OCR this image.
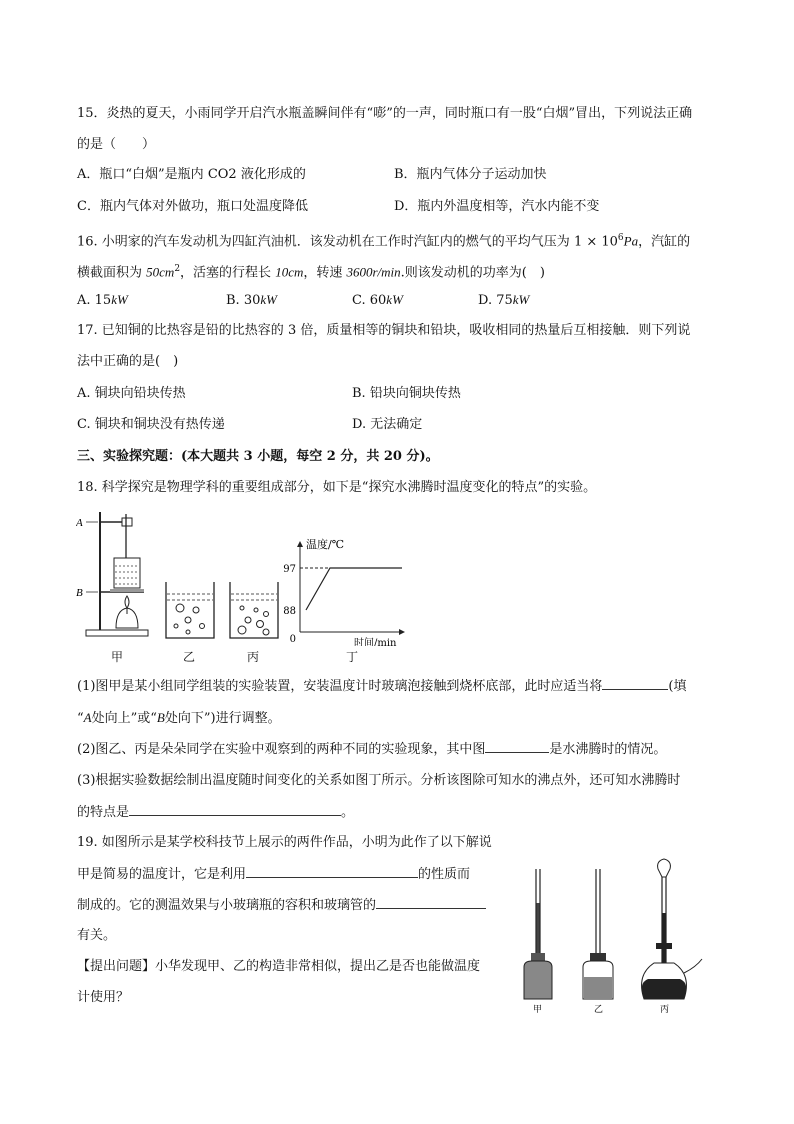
15．炎热的夏天，小雨同学开启汽水瓶盖瞬间伴有“嘭”的一声，同时瓶口有一股“白烟”冒出，下列说法正确
的是（　　）
A．瓶口“白烟”是瓶内 CO2 液化形成的	B．瓶内气体分子运动加快
C．瓶内气体对外做功，瓶口处温度降低	D．瓶内外温度相等，汽水内能不变
16. 小明家的汽车发动机为四缸汽油机．该发动机在工作时汽缸内的燃气的平均气压为 $1 \times 10^6Pa$，汽缸的
横截面积为 $50cm^2$，活塞的行程长 10cm，转速 3600r/min.则该发动机的功率为(　)
A. 15kW	B. 30kW	C. 60kW	D. 75kW
17. 已知铜的比热容是铅的比热容的 3 倍，质量相等的铜块和铅块，吸收相同的热量后互相接触．则下列说
法中正确的是(　)
A. 铜块向铅块传热	B. 铅块向铜块传热
C. 铜块和铜块没有热传递	D. 无法确定
三、实验探究题：(本大题共 3 小题，每空 2 分，共 20 分)。
18. 科学探究是物理学科的重要组成部分，如下是“探究水沸腾时温度变化的特点”的实验。
A
B
甲	乙	丙
温度/℃
时间/min
0
97
88
丁
(1)图甲是某小组同学组装的实验装置，安装温度计时玻璃泡接触到烧杯底部，此时应适当将	(填
“A处向上”或“B处向下”)进行调整。
(2)图乙、丙是朵朵同学在实验中观察到的两种不同的实验现象，其中图	是水沸腾时的情况。
(3)根据实验数据绘制出温度随时间变化的关系如图丁所示。分析该图除可知水的沸点外，还可知水沸腾时
的特点是	。
19. 如图所示是某学校科技节上展示的两件作品，小明为此作了以下解说
甲是简易的温度计，它是利用	的性质而
制成的。它的测温效果与小玻璃瓶的容积和玻璃管的
有关。
【提出问题】小华发现甲、乙的构造非常相似，提出乙是否也能做温度
计使用？
甲	乙	丙
